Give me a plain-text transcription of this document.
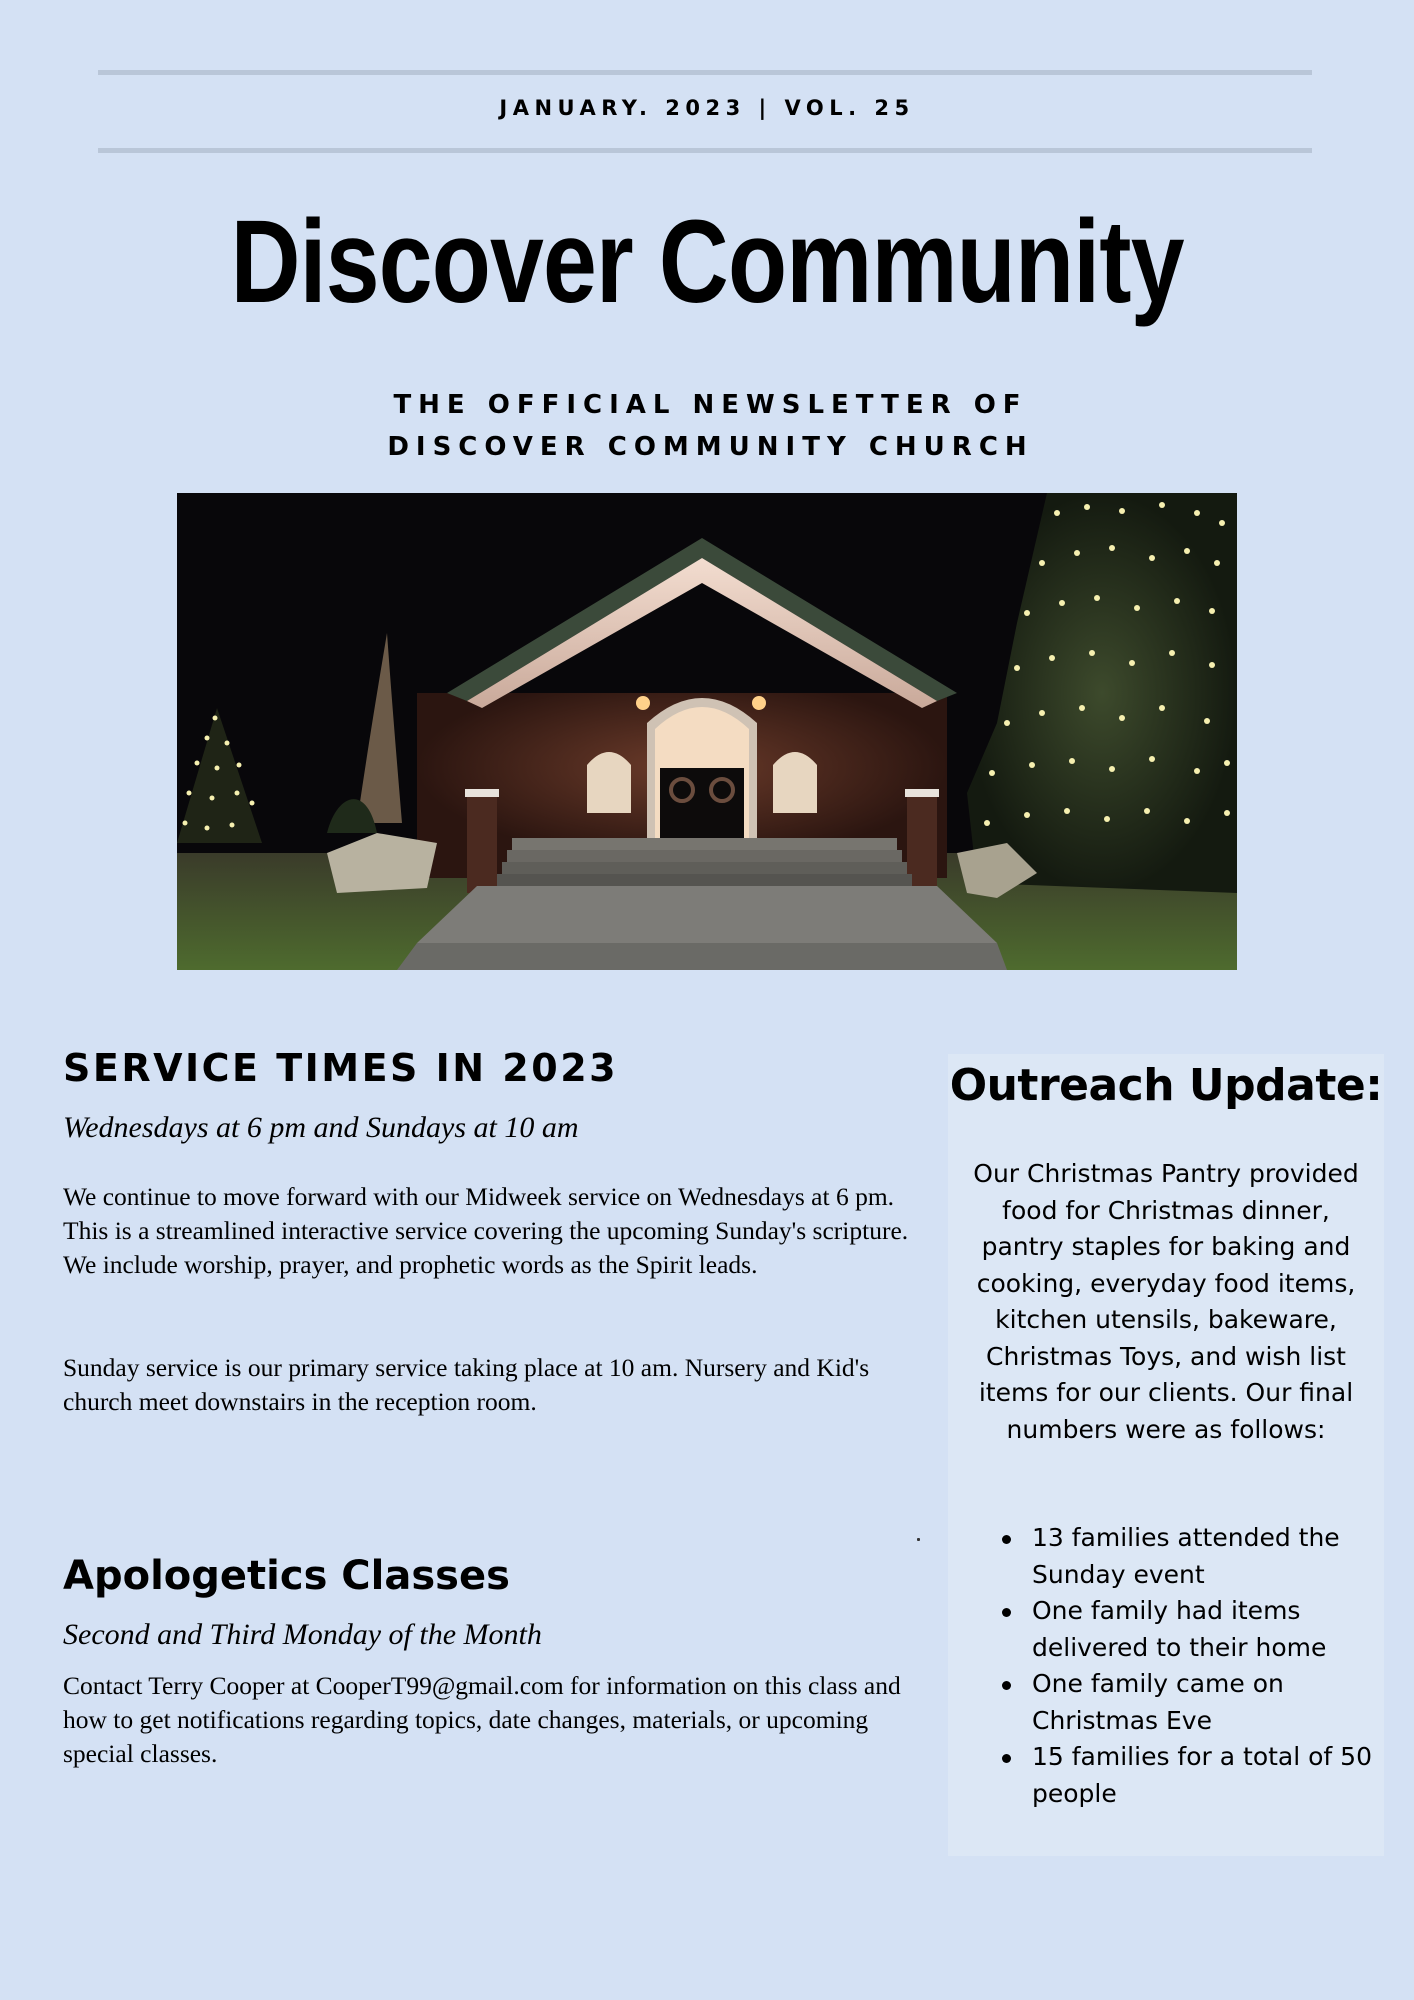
JANUARY. 2023 | VOL. 25
Discover Community
THE OFFICIAL NEWSLETTER OF
DISCOVER COMMUNITY CHURCH
SERVICE TIMES IN 2023
Wednesdays at 6 pm and Sundays at 10 am

We continue to move forward with our Midweek service on Wednesdays at 6 pm. This is a streamlined interactive service covering the upcoming Sunday's scripture. We include worship, prayer, and prophetic words as the Spirit leads.

Sunday service is our primary service taking place at 10 am. Nursery and Kid's church meet downstairs in the reception room.

Apologetics Classes
Second and Third Monday of the Month

Contact Terry Cooper at CooperT99@gmail.com for information on this class and how to get notifications regarding topics, date changes, materials, or upcoming special classes.

Outreach Update:

Our Christmas Pantry provided food for Christmas dinner, pantry staples for baking and cooking, everyday food items, kitchen utensils, bakeware, Christmas Toys, and wish list items for our clients. Our final numbers were as follows:

13 families attended the Sunday event
One family had items delivered to their home
One family came on Christmas Eve
15 families for a total of 50 people
